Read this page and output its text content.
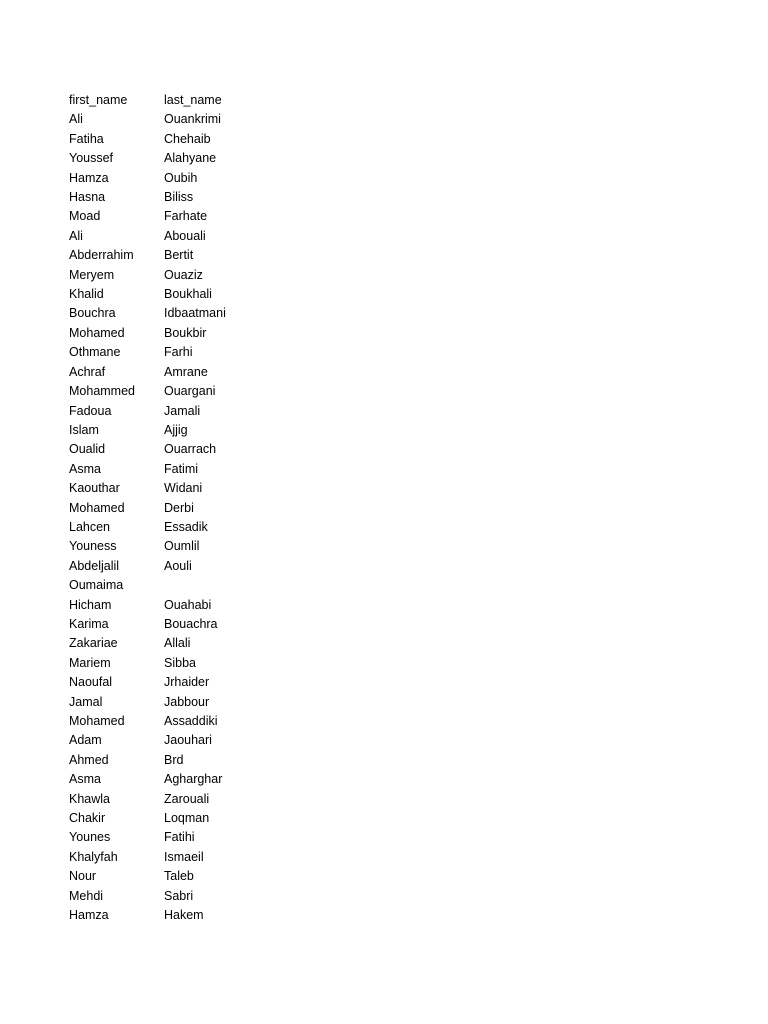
first_name	last_name
Ali	Ouankrimi
Fatiha	Chehaib
Youssef	Alahyane
Hamza	Oubih
Hasna	Biliss
Moad	Farhate
Ali	Abouali
Abderrahim	Bertit
Meryem	Ouaziz
Khalid	Boukhali
Bouchra	Idbaatmani
Mohamed	Boukbir
Othmane	Farhi
Achraf	Amrane
Mohammed	Ouargani
Fadoua	Jamali
Islam	Ajjig
Oualid	Ouarrach
Asma	Fatimi
Kaouthar	Widani
Mohamed	Derbi
Lahcen	Essadik
Youness	Oumlil
Abdeljalil	Aouli
Oumaima
Hicham	Ouahabi
Karima	Bouachra
Zakariae	Allali
Mariem	Sibba
Naoufal	Jrhaider
Jamal	Jabbour
Mohamed	Assaddiki
Adam	Jaouhari
Ahmed	Brd
Asma	Agharghar
Khawla	Zarouali
Chakir	Loqman
Younes	Fatihi
Khalyfah	Ismaeil
Nour	Taleb
Mehdi	Sabri
Hamza	Hakem
